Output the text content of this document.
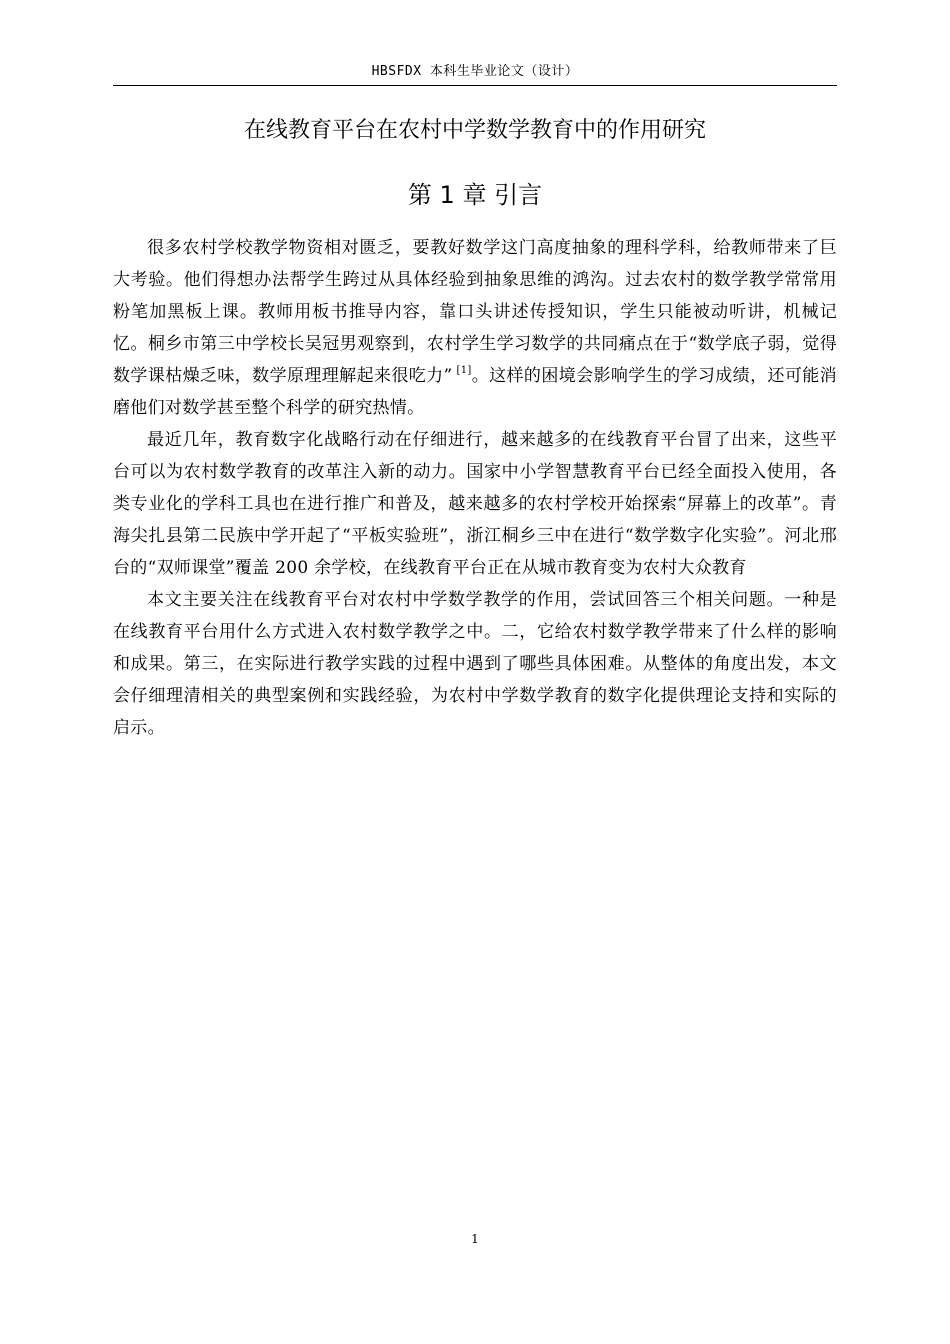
HBSFDX 本科生毕业论文（设计）
在线教育平台在农村中学数学教育中的作用研究
第 1 章 引言

很多农村学校教学物资相对匮乏，要教好数学这门高度抽象的理科学科，给教师带来了巨大考验。他们得想办法帮学生跨过从具体经验到抽象思维的鸿沟。过去农村的数学教学常常用粉笔加黑板上课。教师用板书推导内容，靠口头讲述传授知识，学生只能被动听讲，机械记忆。桐乡市第三中学校长吴冠男观察到，农村学生学习数学的共同痛点在于“数学底子弱，觉得数学课枯燥乏味，数学原理理解起来很吃力” [1]。这样的困境会影响学生的学习成绩，还可能消磨他们对数学甚至整个科学的研究热情。

最近几年，教育数字化战略行动在仔细进行，越来越多的在线教育平台冒了出来，这些平台可以为农村数学教育的改革注入新的动力。国家中小学智慧教育平台已经全面投入使用，各类专业化的学科工具也在进行推广和普及，越来越多的农村学校开始探索“屏幕上的改革”。青海尖扎县第二民族中学开起了“平板实验班”，浙江桐乡三中在进行“数学数字化实验”。河北邢台的“双师课堂”覆盖 200 余学校，在线教育平台正在从城市教育变为农村大众教育

本文主要关注在线教育平台对农村中学数学教学的作用，尝试回答三个相关问题。一种是在线教育平台用什么方式进入农村数学教学之中。二，它给农村数学教学带来了什么样的影响和成果。第三，在实际进行教学实践的过程中遇到了哪些具体困难。从整体的角度出发，本文会仔细理清相关的典型案例和实践经验，为农村中学数学教育的数字化提供理论支持和实际的启示。

1
